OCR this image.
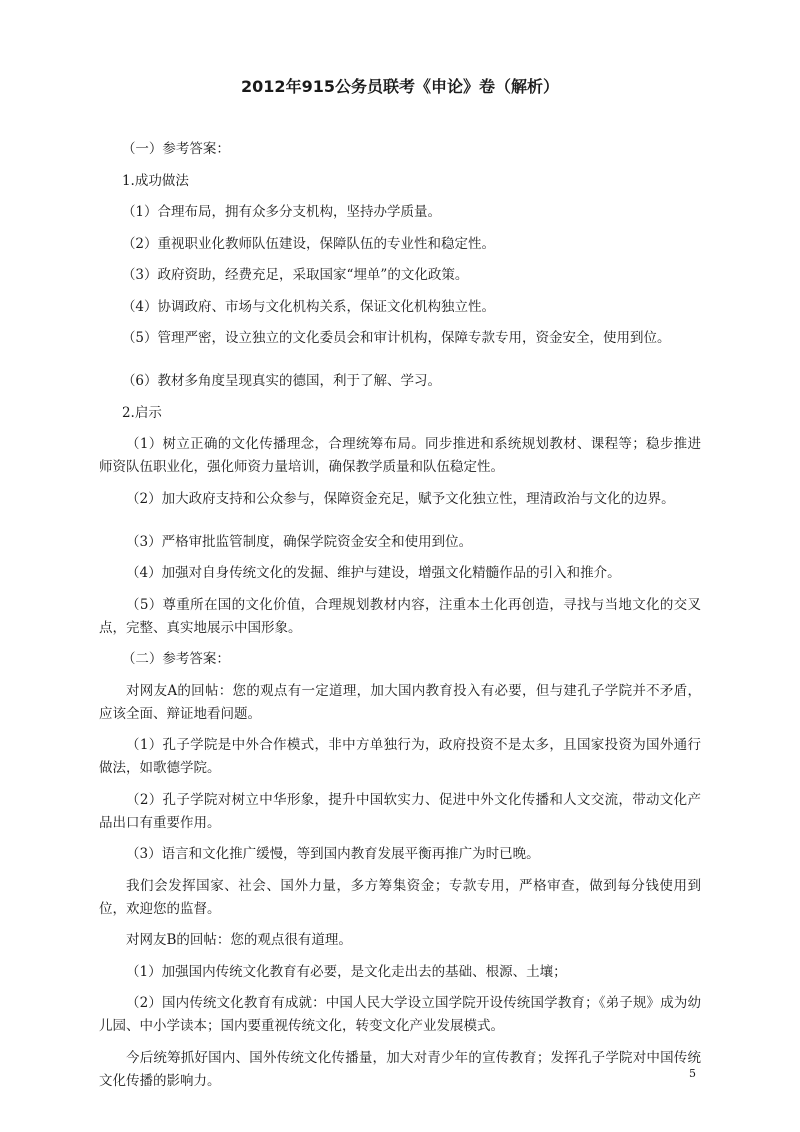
2012年915公务员联考《申论》卷（解析）

（一）参考答案：

1.成功做法

（1）合理布局，拥有众多分支机构，坚持办学质量。

（2）重视职业化教师队伍建设，保障队伍的专业性和稳定性。

（3）政府资助，经费充足，采取国家“埋单”的文化政策。

（4）协调政府、市场与文化机构关系，保证文化机构独立性。

（5）管理严密，设立独立的文化委员会和审计机构，保障专款专用，资金安全，使用到位。

（6）教材多角度呈现真实的德国，利于了解、学习。

2.启示

（1）树立正确的文化传播理念，合理统筹布局。同步推进和系统规划教材、课程等；稳步推进师资队伍职业化，强化师资力量培训，确保教学质量和队伍稳定性。

（2）加大政府支持和公众参与，保障资金充足，赋予文化独立性，理清政治与文化的边界。

（3）严格审批监管制度，确保学院资金安全和使用到位。

（4）加强对自身传统文化的发掘、维护与建设，增强文化精髓作品的引入和推介。

（5）尊重所在国的文化价值，合理规划教材内容，注重本土化再创造，寻找与当地文化的交叉点，完整、真实地展示中国形象。

（二）参考答案：

对网友A的回帖：您的观点有一定道理，加大国内教育投入有必要，但与建孔子学院并不矛盾，应该全面、辩证地看问题。

（1）孔子学院是中外合作模式，非中方单独行为，政府投资不是太多，且国家投资为国外通行做法，如歌德学院。

（2）孔子学院对树立中华形象，提升中国软实力、促进中外文化传播和人文交流，带动文化产品出口有重要作用。

（3）语言和文化推广缓慢，等到国内教育发展平衡再推广为时已晚。

我们会发挥国家、社会、国外力量，多方筹集资金；专款专用，严格审查，做到每分钱使用到位，欢迎您的监督。

对网友B的回帖：您的观点很有道理。

（1）加强国内传统文化教育有必要，是文化走出去的基础、根源、土壤；

（2）国内传统文化教育有成就：中国人民大学设立国学院开设传统国学教育；《弟子规》成为幼儿园、中小学读本；国内要重视传统文化，转变文化产业发展模式。

今后统筹抓好国内、国外传统文化传播量，加大对青少年的宣传教育；发挥孔子学院对中国传统文化传播的影响力。	5
